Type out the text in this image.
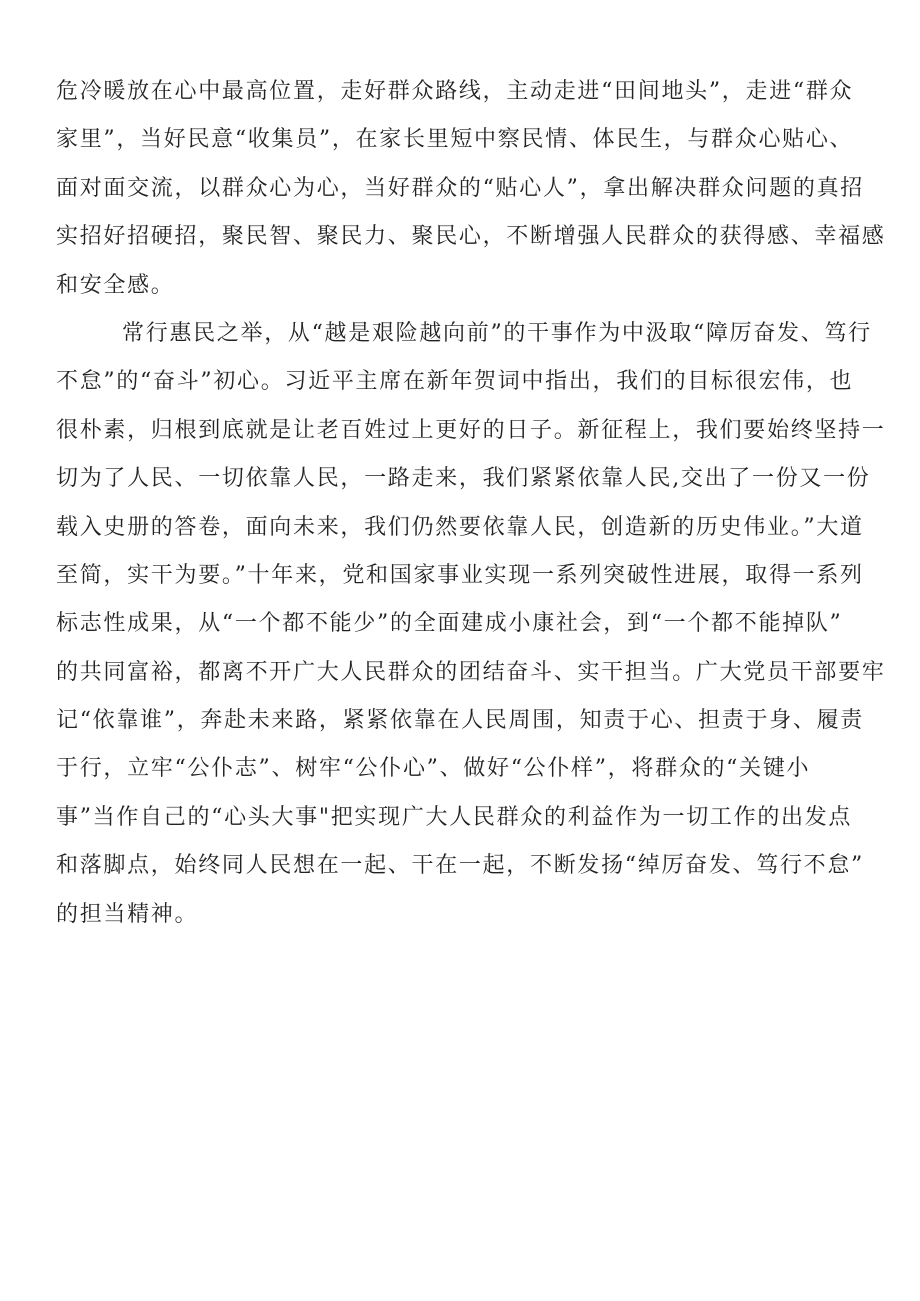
危冷暖放在心中最高位置，走好群众路线，主动走进“田间地头”，走进“群众
家里”，当好民意“收集员”，在家长里短中察民情、体民生，与群众心贴心、
面对面交流，以群众心为心，当好群众的“贴心人”，拿出解决群众问题的真招
实招好招硬招，聚民智、聚民力、聚民心，不断增强人民群众的获得感、幸福感
和安全感。
常行惠民之举，从“越是艰险越向前”的干事作为中汲取“障厉奋发、笃行
不怠”的“奋斗”初心。习近平主席在新年贺词中指出，我们的目标很宏伟，也
很朴素，归根到底就是让老百姓过上更好的日子。新征程上，我们要始终坚持一
切为了人民、一切依靠人民，一路走来，我们紧紧依靠人民,交出了一份又一份
载入史册的答卷，面向未来，我们仍然要依靠人民，创造新的历史伟业。”大道
至简，实干为要。”十年来，党和国家事业实现一系列突破性进展，取得一系列
标志性成果，从“一个都不能少”的全面建成小康社会，到“一个都不能掉队”
的共同富裕，都离不开广大人民群众的团结奋斗、实干担当。广大党员干部要牢
记“依靠谁”，奔赴未来路，紧紧依靠在人民周围，知责于心、担责于身、履责
于行，立牢“公仆志”、树牢“公仆心”、做好“公仆样”，将群众的“关键小
事”当作自己的“心头大事"把实现广大人民群众的利益作为一切工作的出发点
和落脚点，始终同人民想在一起、干在一起，不断发扬“绰厉奋发、笃行不怠”
的担当精神。
